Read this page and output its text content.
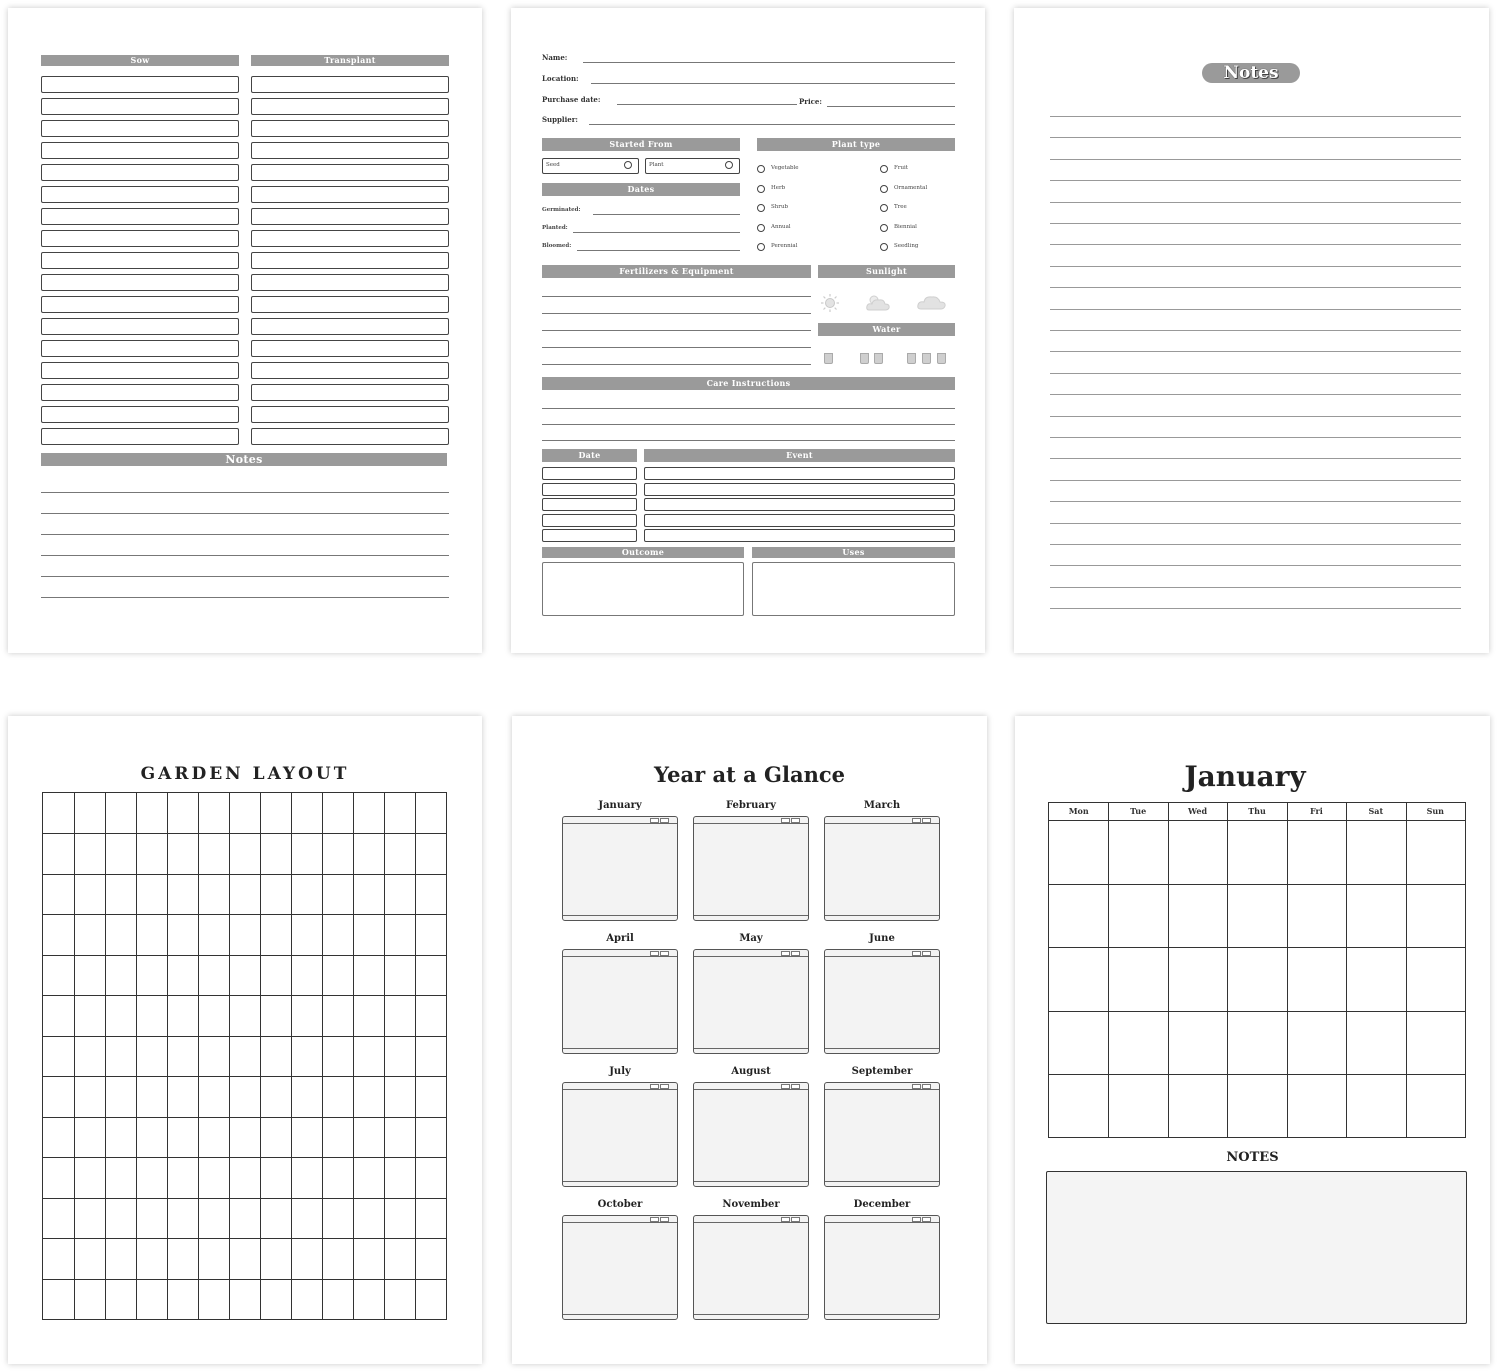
Sow	Transplant
Notes
Name:
Location:
Purchase date:	Price:
Supplier:
Started From
Seed	Plant
Dates
Germinated:
Planted:
Bloomed:
Plant type
Vegetable
Herb
Shrub
Annual
Perennial
Fruit
Ornamental
Tree
Biennial
Seedling
Fertilizers & Equipment	Sunlight
Water
Care Instructions
Date	Event
Outcome	Uses
Notes
GARDEN LAYOUT	Year at a Glance
January	February	March
April	May	June
July	August	September
October	November	December
January
Mon	Tue	Wed	Thu	Fri	Sat	Sun
NOTES
